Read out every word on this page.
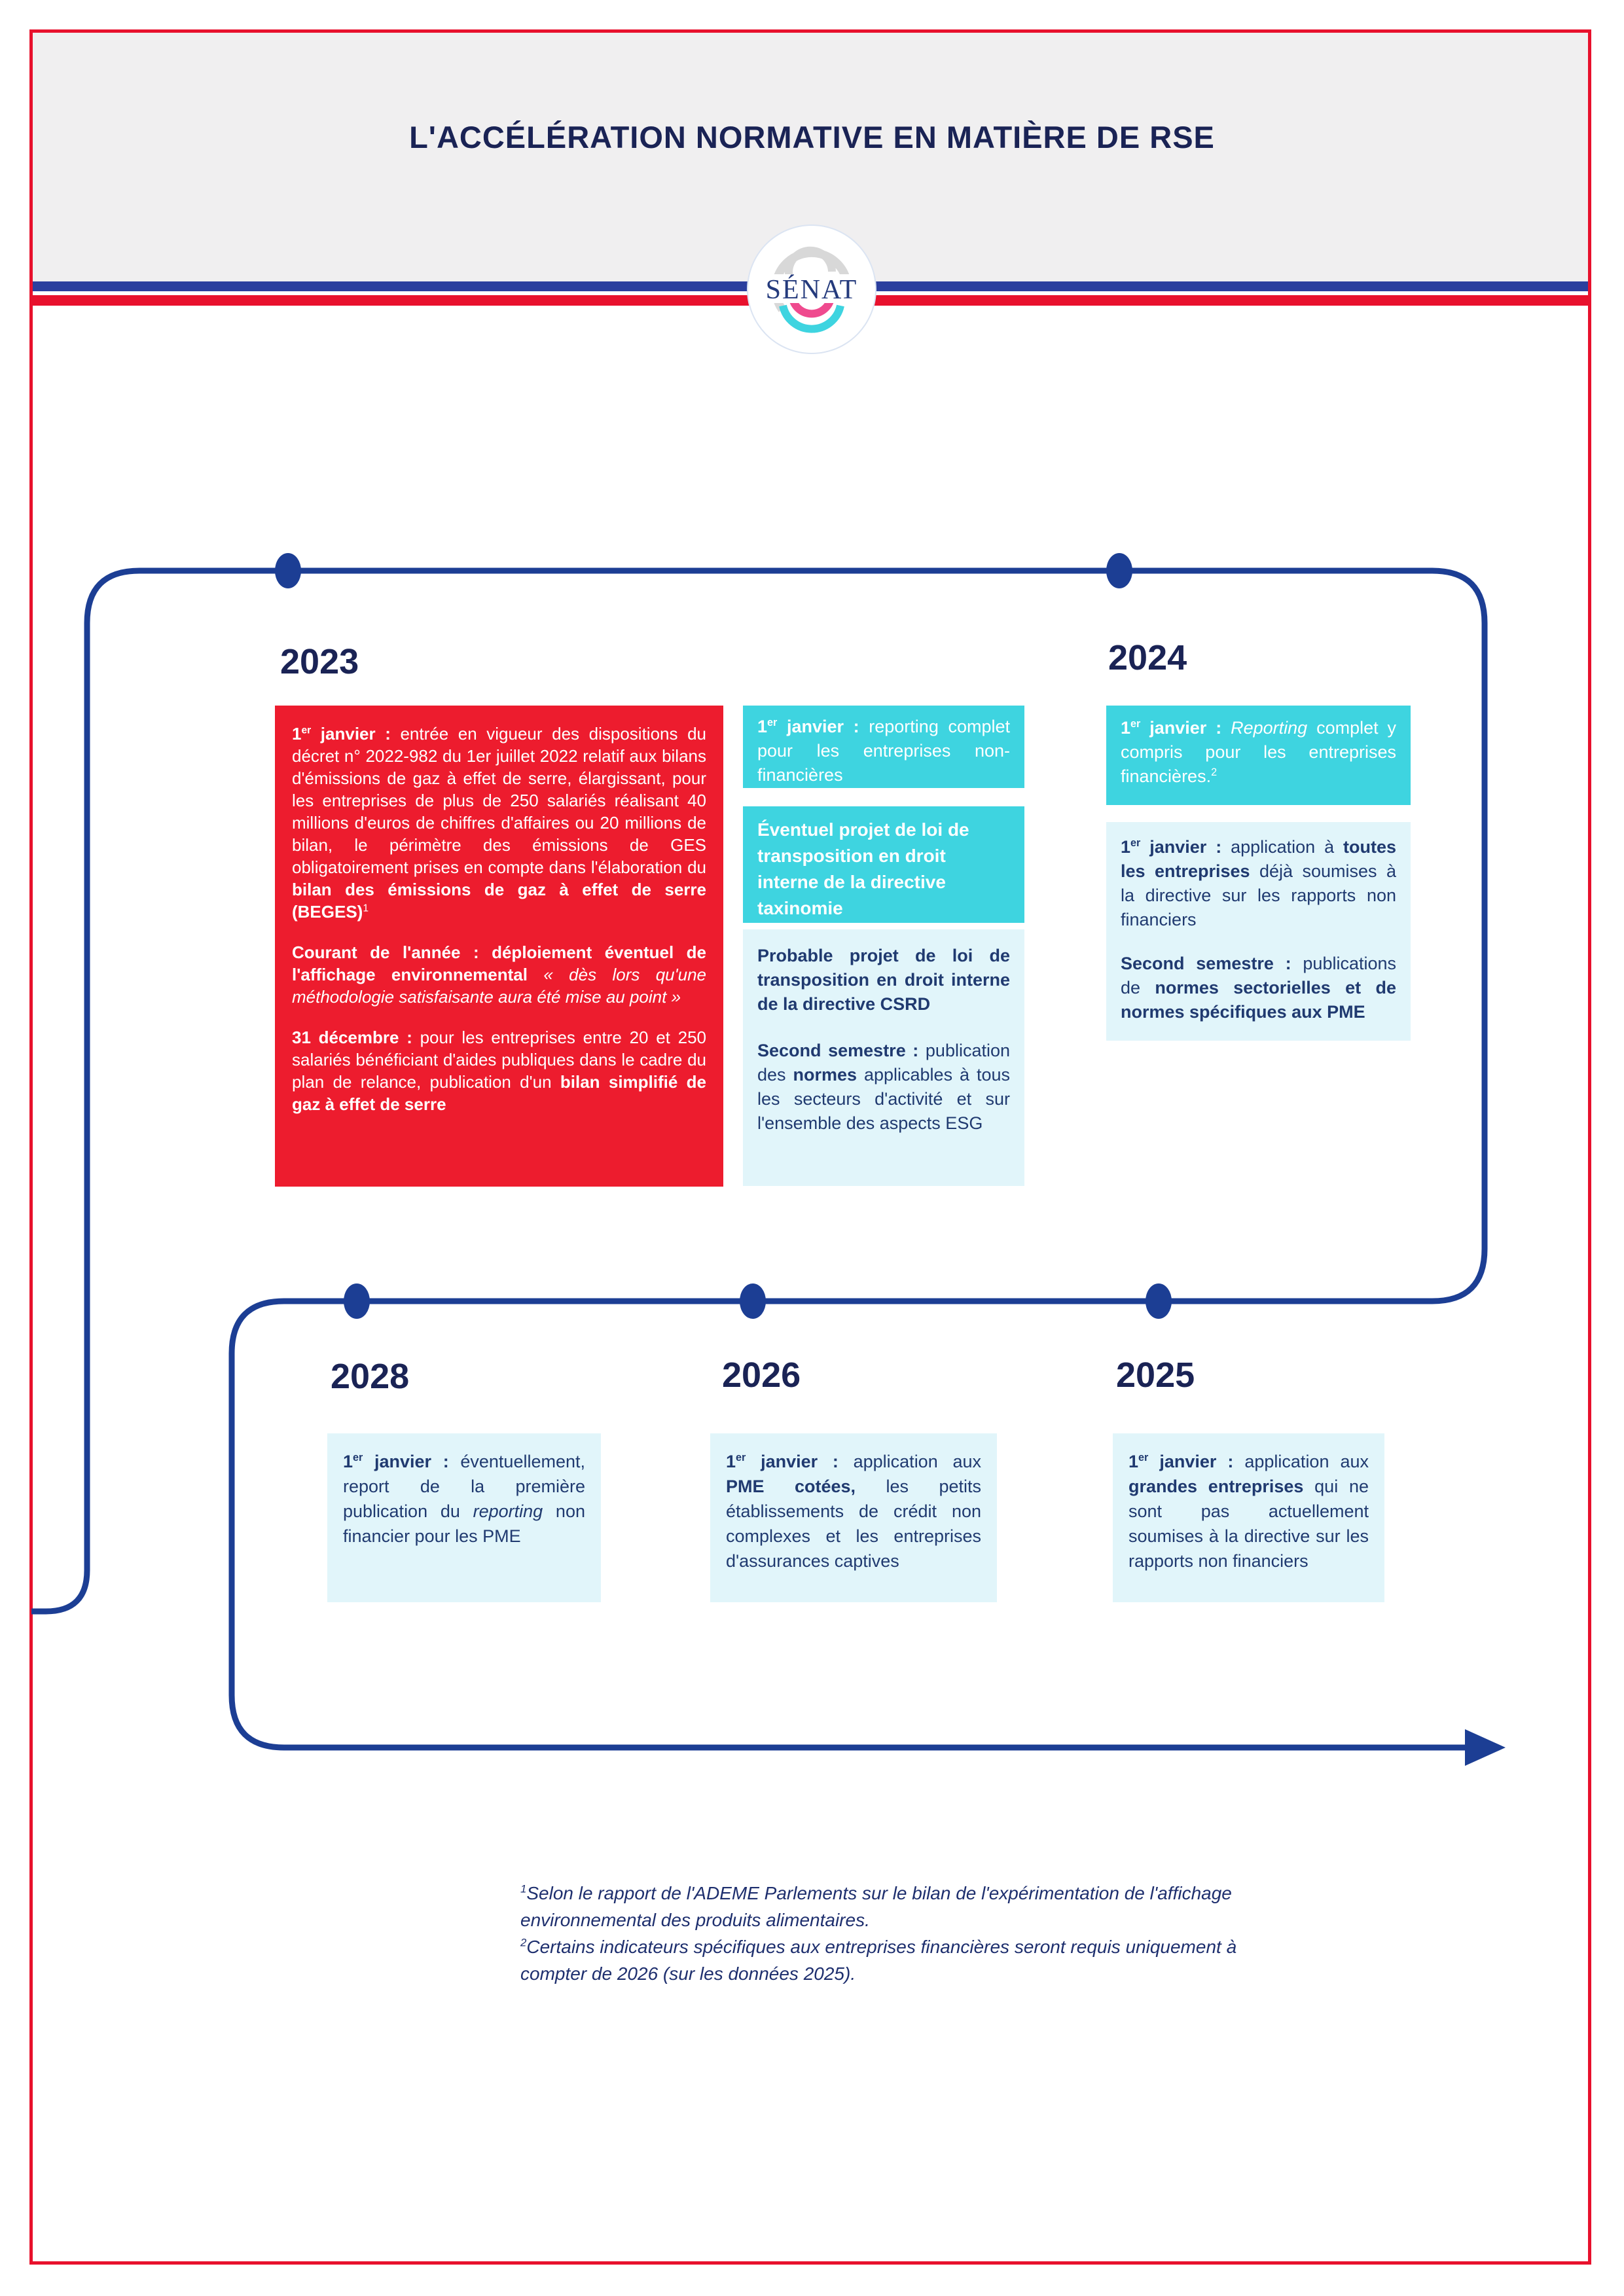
L'ACCÉLÉRATION NORMATIVE EN MATIÈRE DE RSE
SÉNAT
2023	2024
2028	2026	2025

1er janvier : entrée en vigueur des dispositions du décret n° 2022-982 du 1er juillet 2022 relatif aux bilans d'émissions de gaz à effet de serre, élargissant, pour les entreprises de plus de 250 salariés réalisant 40 millions d'euros de chiffres d'affaires ou 20 millions de bilan, le périmètre des émissions de GES obligatoirement prises en compte dans l'élaboration du bilan des émissions de gaz à effet de serre (BEGES)$^1$

Courant de l'année : déploiement éventuel de l'affichage environnemental « dès lors qu'une méthodologie satisfaisante aura été mise au point »

31 décembre : pour les entreprises entre 20 et 250 salariés bénéficiant d'aides publiques dans le cadre du plan de relance, publication d'un bilan simplifié de gaz à effet de serre

1er janvier : reporting complet pour les entreprises non-financières

Éventuel projet de loi de transposition en droit interne de la directive taxinomie

Probable projet de loi de transposition en droit interne de la directive CSRD

Second semestre : publication des normes applicables à tous les secteurs d'activité et sur l'ensemble des aspects ESG

1er janvier : Reporting complet y compris pour les entreprises financières.$^2$

1er janvier : application à toutes les entreprises déjà soumises à la directive sur les rapports non financiers

Second semestre : publications de normes sectorielles et de normes spécifiques aux PME

1er janvier : éventuellement, report de la première publication du reporting non financier pour les PME

1er janvier : application aux PME cotées, les petits établissements de crédit non complexes et les entreprises d'assurances captives

1er janvier : application aux grandes entreprises qui ne sont pas actuellement soumises à la directive sur les rapports non financiers

$^1$Selon le rapport de l'ADEME Parlements sur le bilan de l'expérimentation de l'affichage environnemental des produits alimentaires.

$^2$Certains indicateurs spécifiques aux entreprises financières seront requis uniquement à compter de 2026 (sur les données 2025).
